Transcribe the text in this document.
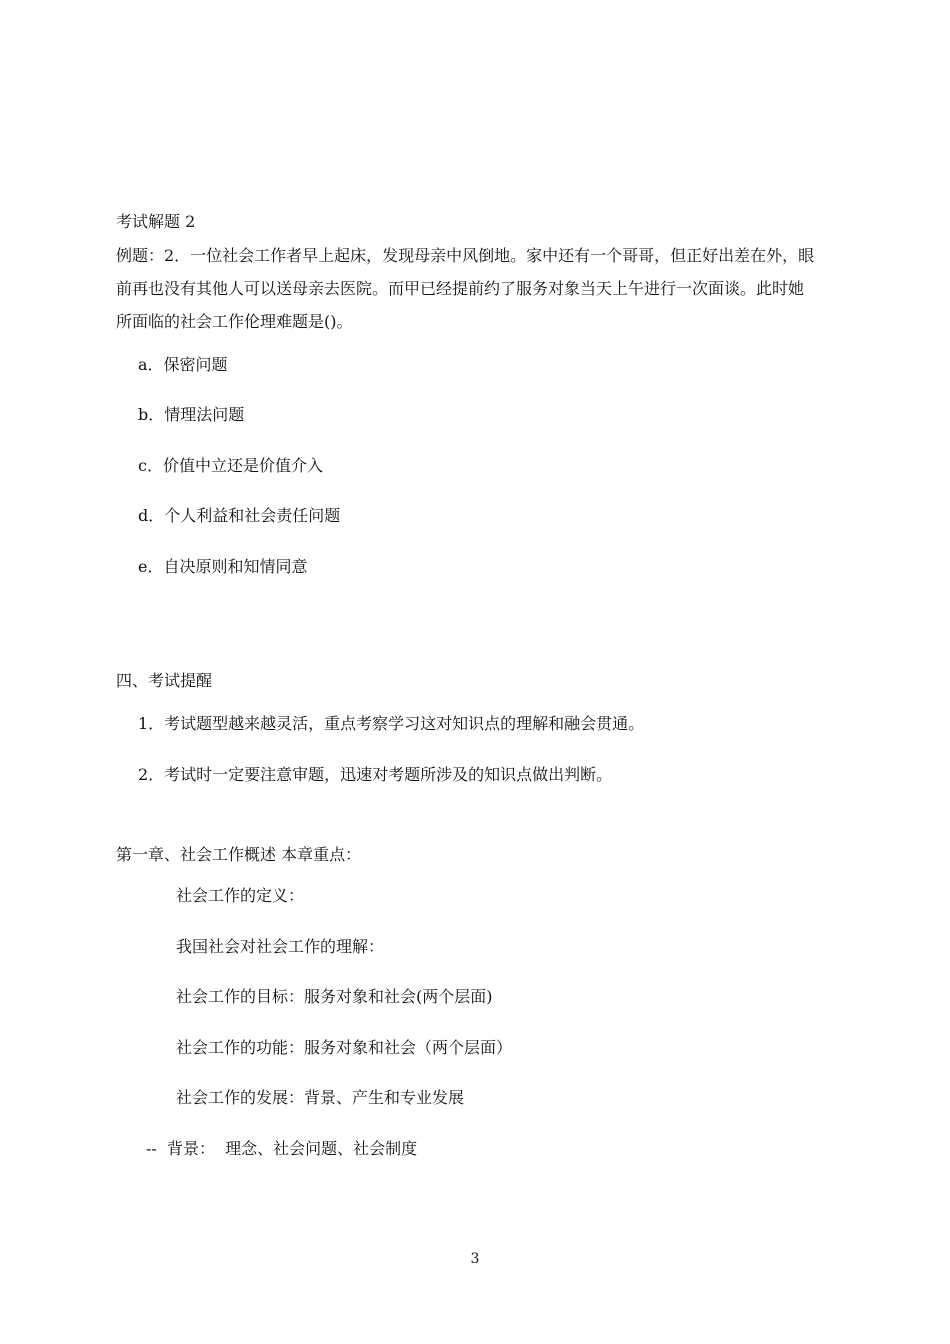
考试解题 2
例题：2．一位社会工作者早上起床，发现母亲中风倒地。家中还有一个哥哥，但正好出差在外，眼
前再也没有其他人可以送母亲去医院。而甲已经提前约了服务对象当天上午进行一次面谈。此时她
所面临的社会工作伦理难题是()。
a．保密问题
b．情理法问题
c．价值中立还是价值介入
d．个人利益和社会责任问题
e．自决原则和知情同意
四、考试提醒
1．考试题型越来越灵活，重点考察学习这对知识点的理解和融会贯通。
2．考试时一定要注意审题，迅速对考题所涉及的知识点做出判断。
第一章、社会工作概述 本章重点：
社会工作的定义：
我国社会对社会工作的理解：
社会工作的目标：服务对象和社会(两个层面)
社会工作的功能：服务对象和社会（两个层面）
社会工作的发展：背景、产生和专业发展
--  背景：  理念、社会问题、社会制度
3
